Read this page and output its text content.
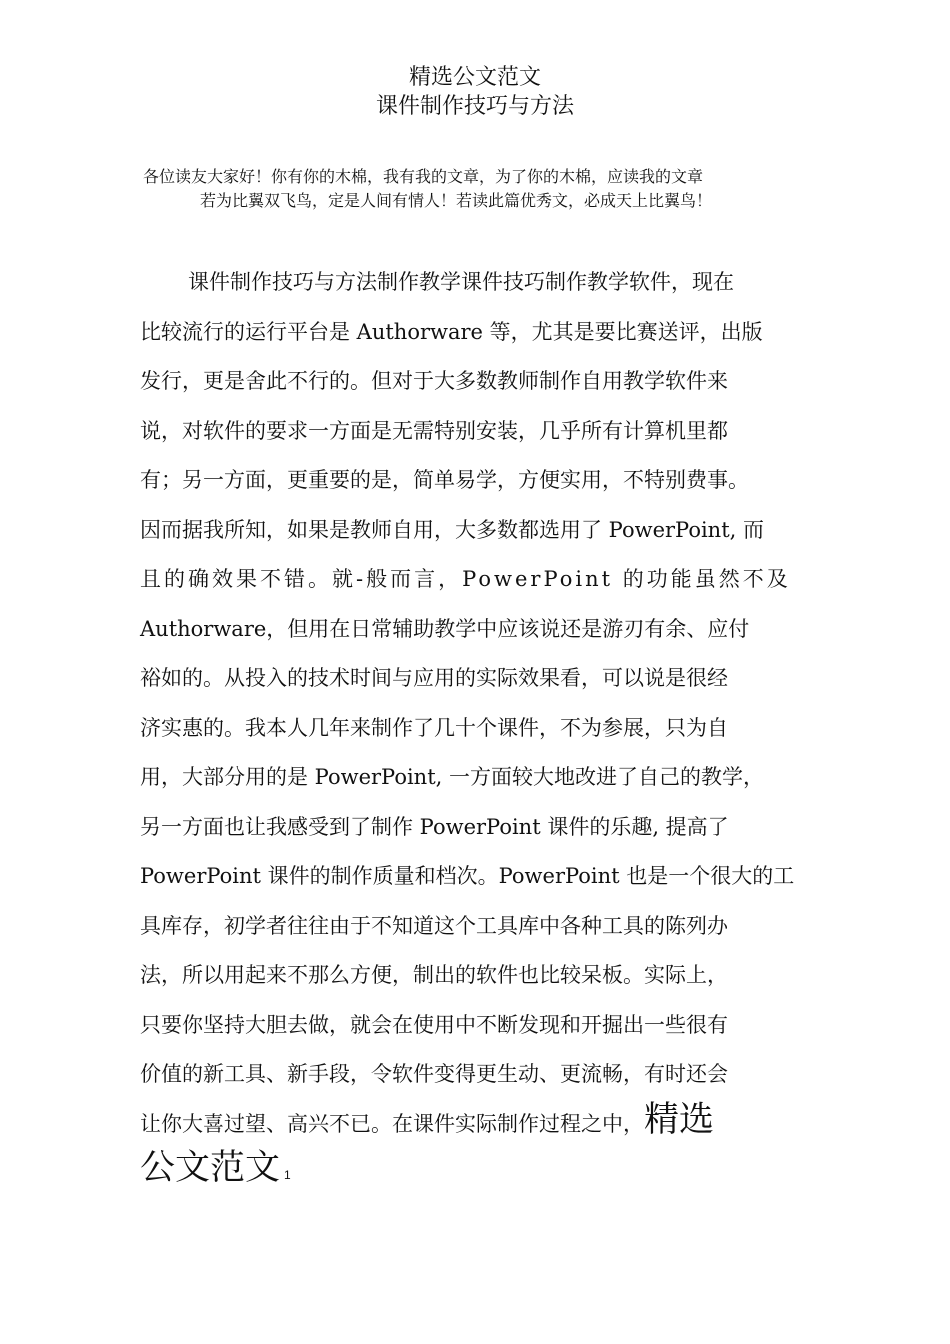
精选公文范文
课件制作技巧与方法
各位读友大家好！你有你的木棉，我有我的文章，为了你的木棉，应读我的文章
若为比翼双飞鸟，定是人间有情人！若读此篇优秀文，必成天上比翼鸟！
课件制作技巧与方法制作教学课件技巧制作教学软件，现在
比较流行的运行平台是 Authorware 等，尤其是要比赛送评，出版
发行，更是舍此不行的。但对于大多数教师制作自用教学软件来
说，对软件的要求一方面是无需特别安装，几乎所有计算机里都
有；另一方面，更重要的是，简单易学，方便实用，不特别费事。
因而据我所知，如果是教师自用，大多数都选用了 PowerPoint, 而
且的确效果不错。就-般而言，PowerPoint 的功能虽然不及
Authorware，但用在日常辅助教学中应该说还是游刃有余、应付
裕如的。从投入的技术时间与应用的实际效果看，可以说是很经
济实惠的。我本人几年来制作了几十个课件，不为参展，只为自
用，大部分用的是 PowerPoint, 一方面较大地改进了自己的教学，
另一方面也让我感受到了制作 PowerPoint 课件的乐趣, 提高了
PowerPoint 课件的制作质量和档次。PowerPoint 也是一个很大的工
具库存，初学者往往由于不知道这个工具库中各种工具的陈列办
法，所以用起来不那么方便，制出的软件也比较呆板。实际上，
只要你坚持大胆去做，就会在使用中不断发现和开掘出一些很有
价值的新工具、新手段，令软件变得更生动、更流畅，有时还会
让你大喜过望、高兴不已。在课件实际制作过程之中，精选
公文范文 1
